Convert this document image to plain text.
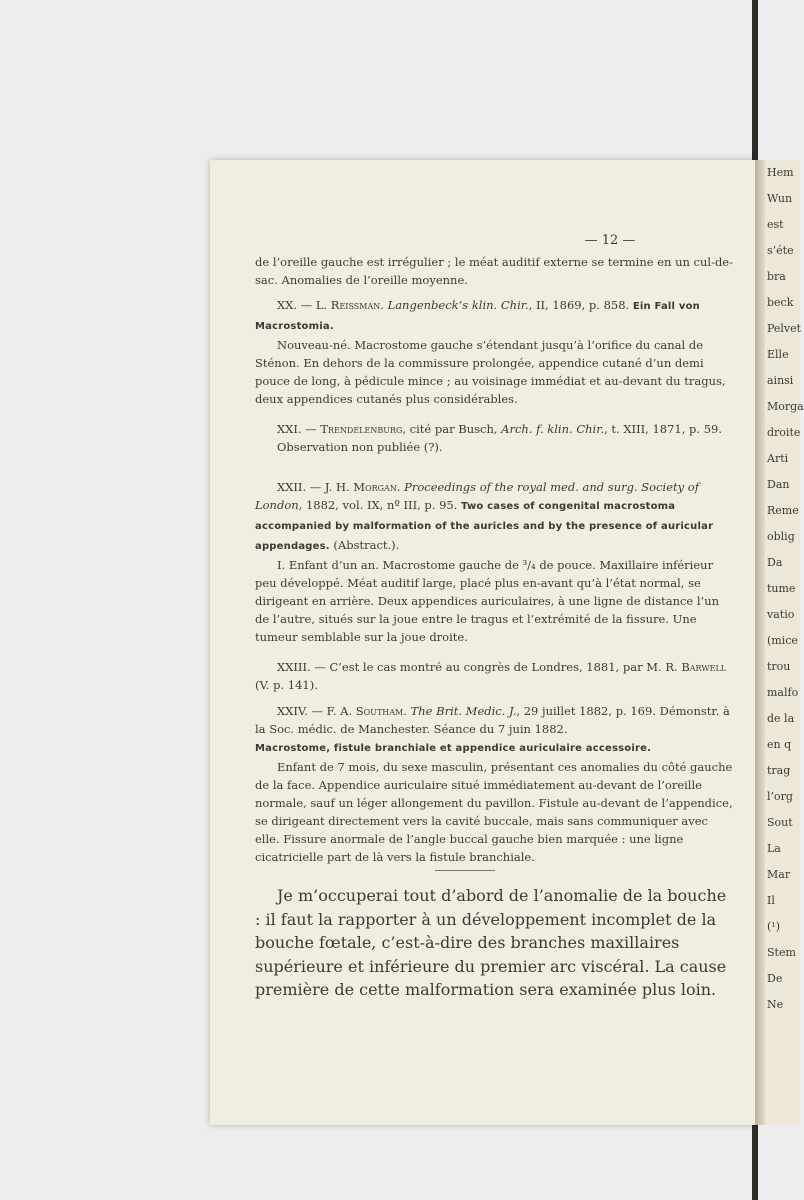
Hem
Wun
est
s’éte
bra
beck
Pelvet
Elle
ainsi
Morga
droite
Arti
Dan
Reme
oblig
Da
tume
vatio
(mice
trou
malfo
de la
en q
trag
l’org
Sout
La
Mar
Il
(¹)
Stem
De
Ne
— 12 —

de l’oreille gauche est irrégulier ; le méat auditif externe se termine en un cul-de-sac. Anomalies de l’oreille moyenne.

XX. — L. Reissman. Langenbeck’s klin. Chir., II, 1869, p. 858. Ein Fall von Macrostomia.

Nouveau-né. Macrostome gauche s’étendant jusqu’à l’orifice du canal de Sténon. En dehors de la commissure prolongée, appendice cutané d’un demi pouce de long, à pédicule mince ; au voisinage immédiat et au-devant du tragus, deux appendices cutanés plus considérables.

XXI. — Trendelenburg, cité par Busch, Arch. f. klin. Chir., t. XIII, 1871, p. 59.

Observation non publiée (?).

XXII. — J. H. Morgan. Proceedings of the royal med. and surg. Society of London, 1882, vol. IX, nº III, p. 95. Two cases of congenital macrostoma accompanied by malformation of the auricles and by the presence of auricular appendages. (Abstract.).

I. Enfant d’un an. Macrostome gauche de ³/₄ de pouce. Maxillaire inférieur peu développé. Méat auditif large, placé plus en-avant qu’à l’état normal, se dirigeant en arrière. Deux appendices auriculaires, à une ligne de distance l’un de l’autre, situés sur la joue entre le tragus et l’extrémité de la fissure. Une tumeur semblable sur la joue droite.

XXIII. — C’est le cas montré au congrès de Londres, 1881, par M. R. Barwell (V. p. 141).

XXIV. — F. A. Southam. The Brit. Medic. J., 29 juillet 1882, p. 169. Démonstr. à la Soc. médic. de Manchester. Séance du 7 juin 1882.

Macrostome, fistule branchiale et appendice auriculaire accessoire.

Enfant de 7 mois, du sexe masculin, présentant ces anomalies du côté gauche de la face. Appendice auriculaire situé immédiatement au-devant de l’oreille normale, sauf un léger allongement du pavillon. Fistule au-devant de l’appendice, se dirigeant directement vers la cavité buccale, mais sans communiquer avec elle. Fissure anormale de l’angle buccal gauche bien marquée : une ligne cicatricielle part de là vers la fistule branchiale.

Je m’occuperai tout d’abord de l’anomalie de la bouche : il faut la rapporter à un développement incomplet de la bouche fœtale, c’est-à-dire des branches maxillaires supérieure et inférieure du premier arc viscéral. La cause première de cette malformation sera examinée plus loin.
